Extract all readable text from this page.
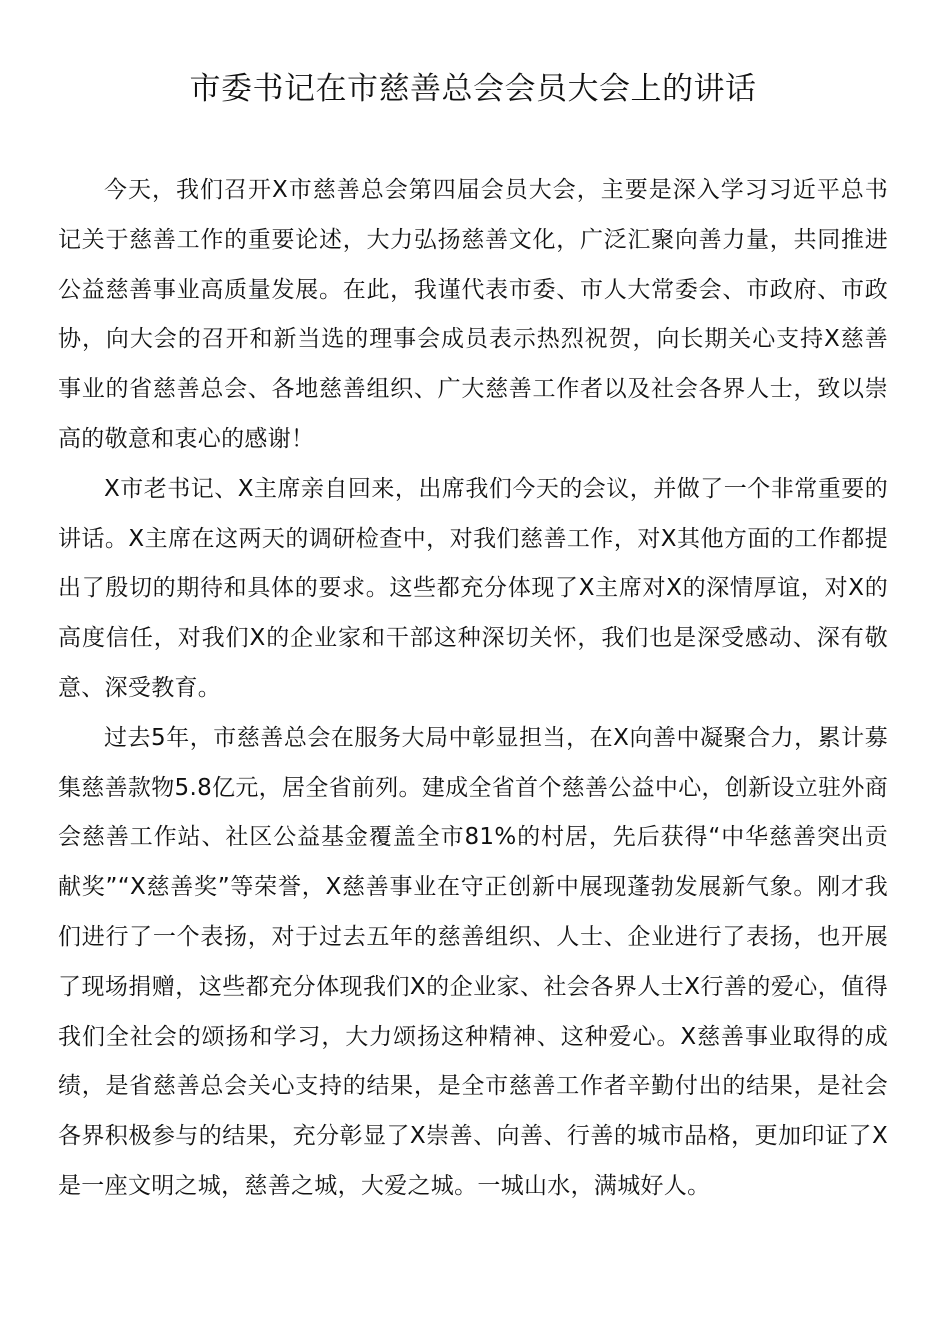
市委书记在市慈善总会会员大会上的讲话

今天，我们召开X市慈善总会第四届会员大会，主要是深入学习习近平总书记关于慈善工作的重要论述，大力弘扬慈善文化，广泛汇聚向善力量，共同推进公益慈善事业高质量发展。在此，我谨代表市委、市人大常委会、市政府、市政协，向大会的召开和新当选的理事会成员表示热烈祝贺，向长期关心支持X慈善事业的省慈善总会、各地慈善组织、广大慈善工作者以及社会各界人士，致以崇高的敬意和衷心的感谢！

X市老书记、X主席亲自回来，出席我们今天的会议，并做了一个非常重要的讲话。X主席在这两天的调研检查中，对我们慈善工作，对X其他方面的工作都提出了殷切的期待和具体的要求。这些都充分体现了X主席对X的深情厚谊，对X的高度信任，对我们X的企业家和干部这种深切关怀，我们也是深受感动、深有敬意、深受教育。

过去5年，市慈善总会在服务大局中彰显担当，在X向善中凝聚合力，累计募集慈善款物5.8亿元，居全省前列。建成全省首个慈善公益中心，创新设立驻外商会慈善工作站、社区公益基金覆盖全市81%的村居，先后获得“中华慈善突出贡献奖”“X慈善奖”等荣誉，X慈善事业在守正创新中展现蓬勃发展新气象。刚才我们进行了一个表扬，对于过去五年的慈善组织、人士、企业进行了表扬，也开展了现场捐赠，这些都充分体现我们X的企业家、社会各界人士X行善的爱心，值得我们全社会的颂扬和学习，大力颂扬这种精神、这种爱心。X慈善事业取得的成绩，是省慈善总会关心支持的结果，是全市慈善工作者辛勤付出的结果，是社会各界积极参与的结果，充分彰显了X崇善、向善、行善的城市品格，更加印证了X是一座文明之城，慈善之城，大爱之城。一城山水，满城好人。
